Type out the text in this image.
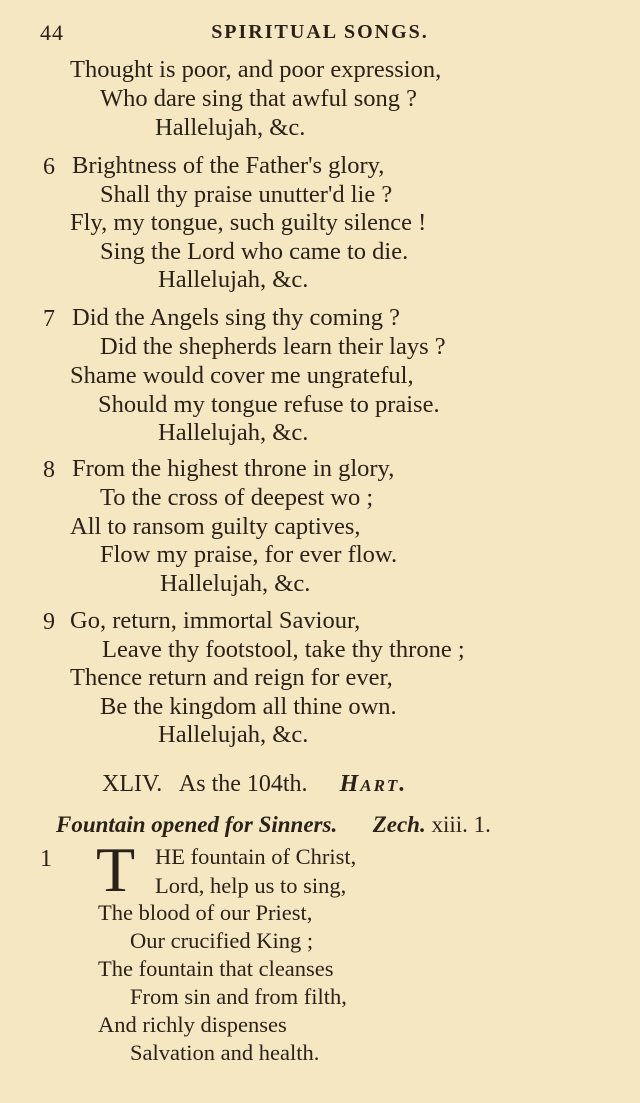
44	SPIRITUAL SONGS.
Thought is poor, and poor expression,
Who dare sing that awful song ?
Hallelujah, &c.
6 Brightness of the Father's glory,
Shall thy praise unutter'd lie ?
Fly, my tongue, such guilty silence !
Sing the Lord who came to die.
Hallelujah, &c.
7 Did the Angels sing thy coming ?
Did the shepherds learn their lays ?
Shame would cover me ungrateful,
Should my tongue refuse to praise.
Hallelujah, &c.
8 From the highest throne in glory,
To the cross of deepest wo ;
All to ransom guilty captives,
Flow my praise, for ever flow.
Hallelujah, &c.
9 Go, return, immortal Saviour,
Leave thy footstool, take thy throne ;
Thence return and reign for ever,
Be the kingdom all thine own.
Hallelujah, &c.
XLIV.   As the 104th. Hart.
Fountain opened for Sinners. Zech. xiii. 1.
1 T HE fountain of Christ,
Lord, help us to sing,
The blood of our Priest,
Our crucified King ;
The fountain that cleanses
From sin and from filth,
And richly dispenses
Salvation and health.
